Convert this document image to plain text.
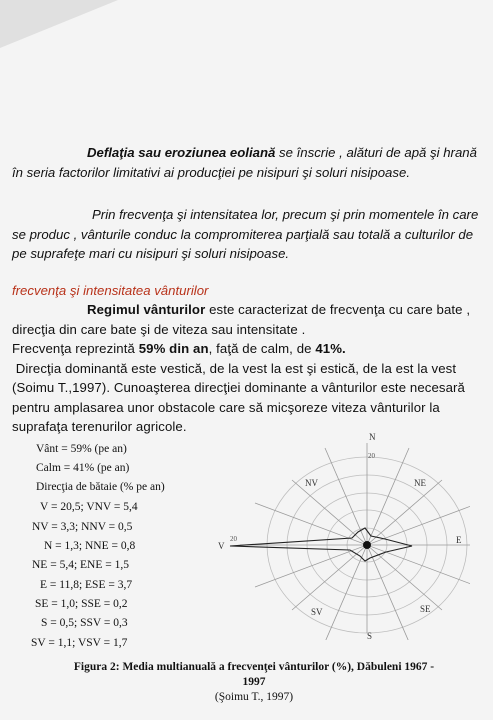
Deflaţia sau eroziunea eoliană se înscrie , alături de apă şi hrană în seria factorilor limitativi ai producţiei pe nisipuri şi soluri nisipoase.
Prin frecvenţa şi intensitatea lor, precum şi prin momentele în care se produc , vânturile conduc la compromiterea parţială sau totală a culturilor de pe suprafeţe mari cu nisipuri şi soluri nisipoase.
frecvenţa şi intensitatea vânturilor
Regimul vânturilor este caracterizat de frecvenţa cu care bate , direcţia din care bate şi de viteza sau intensitate .
Frecvenţa reprezintă 59% din an, faţă de calm, de 41%.
Direcţia dominantă este vestică, de la vest la est şi estică, de la est la vest (Soimu T.,1997). Cunoaşterea direcţiei dominante a vânturilor este necesară pentru amplasarea unor obstacole care să micşoreze viteza vânturilor la suprafaţa terenurilor agricole.
Vânt = 59% (pe an)
Calm = 41% (pe an)
Direcţia de bătaie (% pe an)
V = 20,5; VNV = 5,4
NV = 3,3; NNV = 0,5
N = 1,3; NNE = 0,8
NE = 5,4; ENE = 1,5
E = 11,8; ESE = 3,7
SE = 1,0; SSE = 0,2
S = 0,5; SSV = 0,3
SV = 1,1; VSV = 1,7
N
NV	NE
V
E
SV	SE
S
20
20
Figura 2: Media multianuală a frecvenţei vânturilor (%), Dăbuleni 1967 -
1997
(Şoimu T., 1997)
